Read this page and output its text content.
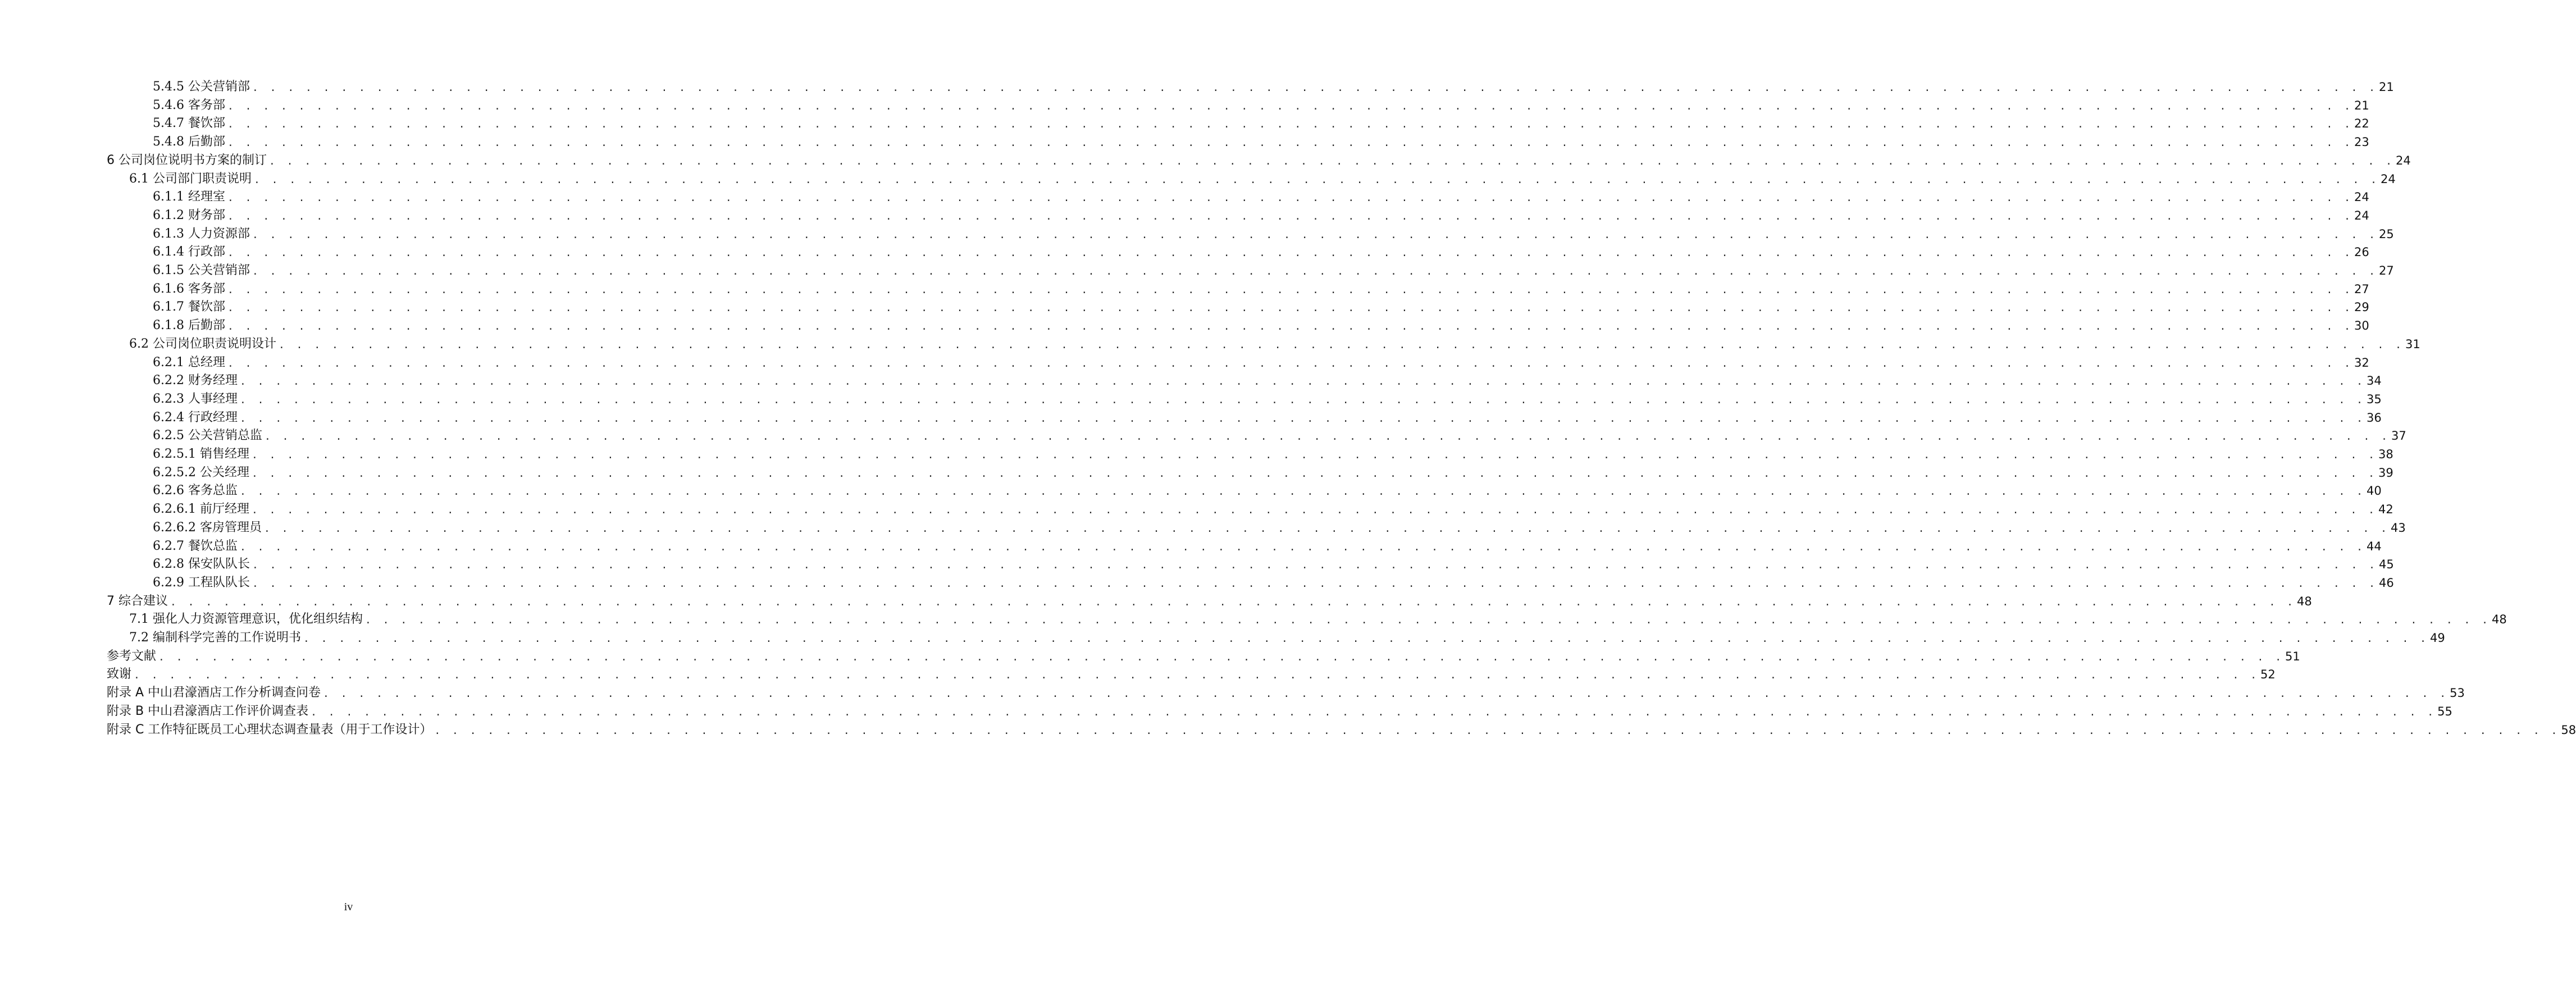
5.4.5 公关营销部 . . . . . . . . . . . . . . . . . . . . . . . . . . . . . . . . . . . . . . . . . . . . . . . . . . . . . . . . . . . . . . . . . . . . . . . . . . . . . . . . . . . . . . . . . . . . . . . . . . . . . . . . . . . . . . . . . . . . . . . . 21
5.4.6 客务部 . . . . . . . . . . . . . . . . . . . . . . . . . . . . . . . . . . . . . . . . . . . . . . . . . . . . . . . . . . . . . . . . . . . . . . . . . . . . . . . . . . . . . . . . . . . . . . . . . . . . . . . . . . . . . . . . . . . . . . . . 21
5.4.7 餐饮部 . . . . . . . . . . . . . . . . . . . . . . . . . . . . . . . . . . . . . . . . . . . . . . . . . . . . . . . . . . . . . . . . . . . . . . . . . . . . . . . . . . . . . . . . . . . . . . . . . . . . . . . . . . . . . . . . . . . . . . . . 22
5.4.8 后勤部 . . . . . . . . . . . . . . . . . . . . . . . . . . . . . . . . . . . . . . . . . . . . . . . . . . . . . . . . . . . . . . . . . . . . . . . . . . . . . . . . . . . . . . . . . . . . . . . . . . . . . . . . . . . . . . . . . . . . . . . . 23
6 公司岗位说明书方案的制订 . . . . . . . . . . . . . . . . . . . . . . . . . . . . . . . . . . . . . . . . . . . . . . . . . . . . . . . . . . . . . . . . . . . . . . . . . . . . . . . . . . . . . . . . . . . . . . . . . . . . . . . . . . . . . . . . . . . . . . . . 24
6.1 公司部门职责说明 . . . . . . . . . . . . . . . . . . . . . . . . . . . . . . . . . . . . . . . . . . . . . . . . . . . . . . . . . . . . . . . . . . . . . . . . . . . . . . . . . . . . . . . . . . . . . . . . . . . . . . . . . . . . . . . . . . . . . . . . 24
6.1.1 经理室 . . . . . . . . . . . . . . . . . . . . . . . . . . . . . . . . . . . . . . . . . . . . . . . . . . . . . . . . . . . . . . . . . . . . . . . . . . . . . . . . . . . . . . . . . . . . . . . . . . . . . . . . . . . . . . . . . . . . . . . . 24
6.1.2 财务部 . . . . . . . . . . . . . . . . . . . . . . . . . . . . . . . . . . . . . . . . . . . . . . . . . . . . . . . . . . . . . . . . . . . . . . . . . . . . . . . . . . . . . . . . . . . . . . . . . . . . . . . . . . . . . . . . . . . . . . . . 24
6.1.3 人力资源部 . . . . . . . . . . . . . . . . . . . . . . . . . . . . . . . . . . . . . . . . . . . . . . . . . . . . . . . . . . . . . . . . . . . . . . . . . . . . . . . . . . . . . . . . . . . . . . . . . . . . . . . . . . . . . . . . . . . . . . . . 25
6.1.4 行政部 . . . . . . . . . . . . . . . . . . . . . . . . . . . . . . . . . . . . . . . . . . . . . . . . . . . . . . . . . . . . . . . . . . . . . . . . . . . . . . . . . . . . . . . . . . . . . . . . . . . . . . . . . . . . . . . . . . . . . . . . 26
6.1.5 公关营销部 . . . . . . . . . . . . . . . . . . . . . . . . . . . . . . . . . . . . . . . . . . . . . . . . . . . . . . . . . . . . . . . . . . . . . . . . . . . . . . . . . . . . . . . . . . . . . . . . . . . . . . . . . . . . . . . . . . . . . . . . 27
6.1.6 客务部 . . . . . . . . . . . . . . . . . . . . . . . . . . . . . . . . . . . . . . . . . . . . . . . . . . . . . . . . . . . . . . . . . . . . . . . . . . . . . . . . . . . . . . . . . . . . . . . . . . . . . . . . . . . . . . . . . . . . . . . . 27
6.1.7 餐饮部 . . . . . . . . . . . . . . . . . . . . . . . . . . . . . . . . . . . . . . . . . . . . . . . . . . . . . . . . . . . . . . . . . . . . . . . . . . . . . . . . . . . . . . . . . . . . . . . . . . . . . . . . . . . . . . . . . . . . . . . . 29
6.1.8 后勤部 . . . . . . . . . . . . . . . . . . . . . . . . . . . . . . . . . . . . . . . . . . . . . . . . . . . . . . . . . . . . . . . . . . . . . . . . . . . . . . . . . . . . . . . . . . . . . . . . . . . . . . . . . . . . . . . . . . . . . . . . 30
6.2 公司岗位职责说明设计 . . . . . . . . . . . . . . . . . . . . . . . . . . . . . . . . . . . . . . . . . . . . . . . . . . . . . . . . . . . . . . . . . . . . . . . . . . . . . . . . . . . . . . . . . . . . . . . . . . . . . . . . . . . . . . . . . . . . . . . . 31
6.2.1 总经理 . . . . . . . . . . . . . . . . . . . . . . . . . . . . . . . . . . . . . . . . . . . . . . . . . . . . . . . . . . . . . . . . . . . . . . . . . . . . . . . . . . . . . . . . . . . . . . . . . . . . . . . . . . . . . . . . . . . . . . . . 32
6.2.2 财务经理 . . . . . . . . . . . . . . . . . . . . . . . . . . . . . . . . . . . . . . . . . . . . . . . . . . . . . . . . . . . . . . . . . . . . . . . . . . . . . . . . . . . . . . . . . . . . . . . . . . . . . . . . . . . . . . . . . . . . . . . . 34
6.2.3 人事经理 . . . . . . . . . . . . . . . . . . . . . . . . . . . . . . . . . . . . . . . . . . . . . . . . . . . . . . . . . . . . . . . . . . . . . . . . . . . . . . . . . . . . . . . . . . . . . . . . . . . . . . . . . . . . . . . . . . . . . . . . 35
6.2.4 行政经理 . . . . . . . . . . . . . . . . . . . . . . . . . . . . . . . . . . . . . . . . . . . . . . . . . . . . . . . . . . . . . . . . . . . . . . . . . . . . . . . . . . . . . . . . . . . . . . . . . . . . . . . . . . . . . . . . . . . . . . . . 36
6.2.5 公关营销总监 . . . . . . . . . . . . . . . . . . . . . . . . . . . . . . . . . . . . . . . . . . . . . . . . . . . . . . . . . . . . . . . . . . . . . . . . . . . . . . . . . . . . . . . . . . . . . . . . . . . . . . . . . . . . . . . . . . . . . . . . 37
6.2.5.1 销售经理 . . . . . . . . . . . . . . . . . . . . . . . . . . . . . . . . . . . . . . . . . . . . . . . . . . . . . . . . . . . . . . . . . . . . . . . . . . . . . . . . . . . . . . . . . . . . . . . . . . . . . . . . . . . . . . . . . . . . . . . . 38
6.2.5.2 公关经理 . . . . . . . . . . . . . . . . . . . . . . . . . . . . . . . . . . . . . . . . . . . . . . . . . . . . . . . . . . . . . . . . . . . . . . . . . . . . . . . . . . . . . . . . . . . . . . . . . . . . . . . . . . . . . . . . . . . . . . . . 39
6.2.6 客务总监 . . . . . . . . . . . . . . . . . . . . . . . . . . . . . . . . . . . . . . . . . . . . . . . . . . . . . . . . . . . . . . . . . . . . . . . . . . . . . . . . . . . . . . . . . . . . . . . . . . . . . . . . . . . . . . . . . . . . . . . . 40
6.2.6.1 前厅经理 . . . . . . . . . . . . . . . . . . . . . . . . . . . . . . . . . . . . . . . . . . . . . . . . . . . . . . . . . . . . . . . . . . . . . . . . . . . . . . . . . . . . . . . . . . . . . . . . . . . . . . . . . . . . . . . . . . . . . . . . 42
6.2.6.2 客房管理员 . . . . . . . . . . . . . . . . . . . . . . . . . . . . . . . . . . . . . . . . . . . . . . . . . . . . . . . . . . . . . . . . . . . . . . . . . . . . . . . . . . . . . . . . . . . . . . . . . . . . . . . . . . . . . . . . . . . . . . . . 43
6.2.7 餐饮总监 . . . . . . . . . . . . . . . . . . . . . . . . . . . . . . . . . . . . . . . . . . . . . . . . . . . . . . . . . . . . . . . . . . . . . . . . . . . . . . . . . . . . . . . . . . . . . . . . . . . . . . . . . . . . . . . . . . . . . . . . 44
6.2.8 保安队队长 . . . . . . . . . . . . . . . . . . . . . . . . . . . . . . . . . . . . . . . . . . . . . . . . . . . . . . . . . . . . . . . . . . . . . . . . . . . . . . . . . . . . . . . . . . . . . . . . . . . . . . . . . . . . . . . . . . . . . . . . 45
6.2.9 工程队队长 . . . . . . . . . . . . . . . . . . . . . . . . . . . . . . . . . . . . . . . . . . . . . . . . . . . . . . . . . . . . . . . . . . . . . . . . . . . . . . . . . . . . . . . . . . . . . . . . . . . . . . . . . . . . . . . . . . . . . . . . 46
7 综合建议 . . . . . . . . . . . . . . . . . . . . . . . . . . . . . . . . . . . . . . . . . . . . . . . . . . . . . . . . . . . . . . . . . . . . . . . . . . . . . . . . . . . . . . . . . . . . . . . . . . . . . . . . . . . . . . . . . . . . . . . . 48
7.1 强化人力资源管理意识，优化组织结构 . . . . . . . . . . . . . . . . . . . . . . . . . . . . . . . . . . . . . . . . . . . . . . . . . . . . . . . . . . . . . . . . . . . . . . . . . . . . . . . . . . . . . . . . . . . . . . . . . . . . . . . . . . . . . . . . . . . . . . . . 48
7.2 编制科学完善的工作说明书 . . . . . . . . . . . . . . . . . . . . . . . . . . . . . . . . . . . . . . . . . . . . . . . . . . . . . . . . . . . . . . . . . . . . . . . . . . . . . . . . . . . . . . . . . . . . . . . . . . . . . . . . . . . . . . . . . . . . . . . . 49
参考文献 . . . . . . . . . . . . . . . . . . . . . . . . . . . . . . . . . . . . . . . . . . . . . . . . . . . . . . . . . . . . . . . . . . . . . . . . . . . . . . . . . . . . . . . . . . . . . . . . . . . . . . . . . . . . . . . . . . . . . . . . 51
致谢 . . . . . . . . . . . . . . . . . . . . . . . . . . . . . . . . . . . . . . . . . . . . . . . . . . . . . . . . . . . . . . . . . . . . . . . . . . . . . . . . . . . . . . . . . . . . . . . . . . . . . . . . . . . . . . . . . . . . . . . . 52
附录 A 中山君濠酒店工作分析调查问卷 . . . . . . . . . . . . . . . . . . . . . . . . . . . . . . . . . . . . . . . . . . . . . . . . . . . . . . . . . . . . . . . . . . . . . . . . . . . . . . . . . . . . . . . . . . . . . . . . . . . . . . . . . . . . . . . . . . . . . . . . 53
附录 B 中山君濠酒店工作评价调查表 . . . . . . . . . . . . . . . . . . . . . . . . . . . . . . . . . . . . . . . . . . . . . . . . . . . . . . . . . . . . . . . . . . . . . . . . . . . . . . . . . . . . . . . . . . . . . . . . . . . . . . . . . . . . . . . . . . . . . . . . 55
附录 C 工作特征既员工心理状态调查量表（用于工作设计） . . . . . . . . . . . . . . . . . . . . . . . . . . . . . . . . . . . . . . . . . . . . . . . . . . . . . . . . . . . . . . . . . . . . . . . . . . . . . . . . . . . . . . . . . . . . . . . . . . . . . . . . . . . . . . . . . . . . . . . . 58
iv
